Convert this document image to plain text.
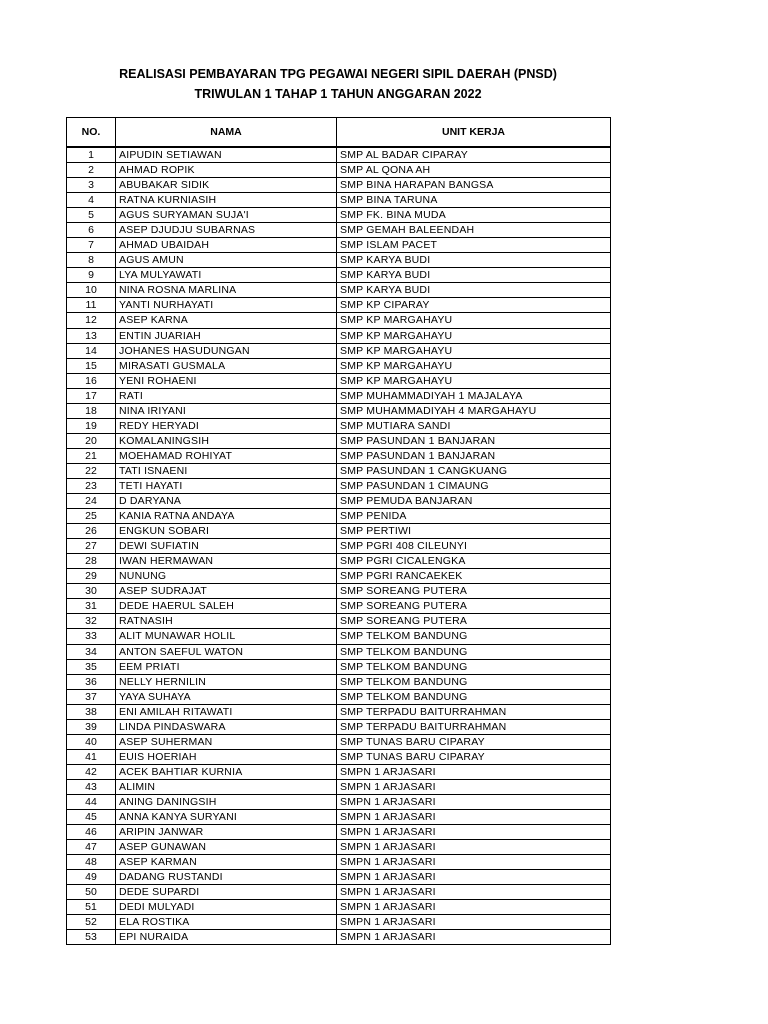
REALISASI PEMBAYARAN TPG PEGAWAI NEGERI SIPIL DAERAH (PNSD)
TRIWULAN 1 TAHAP 1 TAHUN ANGGARAN 2022
NO.	NAMA	UNIT KERJA
1	AIPUDIN SETIAWAN	SMP AL BADAR CIPARAY
2	AHMAD ROPIK	SMP AL QONA AH
3	ABUBAKAR SIDIK	SMP BINA HARAPAN BANGSA
4	RATNA KURNIASIH	SMP BINA TARUNA
5	AGUS SURYAMAN SUJA'I	SMP FK. BINA MUDA
6	ASEP DJUDJU SUBARNAS	SMP GEMAH BALEENDAH
7	AHMAD UBAIDAH	SMP ISLAM PACET
8	AGUS AMUN	SMP KARYA BUDI
9	LYA MULYAWATI	SMP KARYA BUDI
10	NINA ROSNA MARLINA	SMP KARYA BUDI
11	YANTI NURHAYATI	SMP KP CIPARAY
12	ASEP KARNA	SMP KP MARGAHAYU
13	ENTIN JUARIAH	SMP KP MARGAHAYU
14	JOHANES HASUDUNGAN	SMP KP MARGAHAYU
15	MIRASATI GUSMALA	SMP KP MARGAHAYU
16	YENI ROHAENI	SMP KP MARGAHAYU
17	RATI	SMP MUHAMMADIYAH 1 MAJALAYA
18	NINA IRIYANI	SMP MUHAMMADIYAH 4 MARGAHAYU
19	REDY HERYADI	SMP MUTIARA SANDI
20	KOMALANINGSIH	SMP PASUNDAN 1 BANJARAN
21	MOEHAMAD ROHIYAT	SMP PASUNDAN 1 BANJARAN
22	TATI ISNAENI	SMP PASUNDAN 1 CANGKUANG
23	TETI HAYATI	SMP PASUNDAN 1 CIMAUNG
24	D DARYANA	SMP PEMUDA BANJARAN
25	KANIA RATNA ANDAYA	SMP PENIDA
26	ENGKUN SOBARI	SMP PERTIWI
27	DEWI SUFIATIN	SMP PGRI 408 CILEUNYI
28	IWAN HERMAWAN	SMP PGRI CICALENGKA
29	NUNUNG	SMP PGRI RANCAEKEK
30	ASEP SUDRAJAT	SMP SOREANG PUTERA
31	DEDE HAERUL SALEH	SMP SOREANG PUTERA
32	RATNASIH	SMP SOREANG PUTERA
33	ALIT MUNAWAR HOLIL	SMP TELKOM BANDUNG
34	ANTON SAEFUL WATON	SMP TELKOM BANDUNG
35	EEM PRIATI	SMP TELKOM BANDUNG
36	NELLY HERNILIN	SMP TELKOM BANDUNG
37	YAYA SUHAYA	SMP TELKOM BANDUNG
38	ENI AMILAH RITAWATI	SMP TERPADU BAITURRAHMAN
39	LINDA PINDASWARA	SMP TERPADU BAITURRAHMAN
40	ASEP SUHERMAN	SMP TUNAS BARU CIPARAY
41	EUIS HOERIAH	SMP TUNAS BARU CIPARAY
42	ACEK BAHTIAR KURNIA	SMPN 1 ARJASARI
43	ALIMIN	SMPN 1 ARJASARI
44	ANING DANINGSIH	SMPN 1 ARJASARI
45	ANNA KANYA SURYANI	SMPN 1 ARJASARI
46	ARIPIN JANWAR	SMPN 1 ARJASARI
47	ASEP GUNAWAN	SMPN 1 ARJASARI
48	ASEP KARMAN	SMPN 1 ARJASARI
49	DADANG RUSTANDI	SMPN 1 ARJASARI
50	DEDE SUPARDI	SMPN 1 ARJASARI
51	DEDI MULYADI	SMPN 1 ARJASARI
52	ELA ROSTIKA	SMPN 1 ARJASARI
53	EPI NURAIDA	SMPN 1 ARJASARI
